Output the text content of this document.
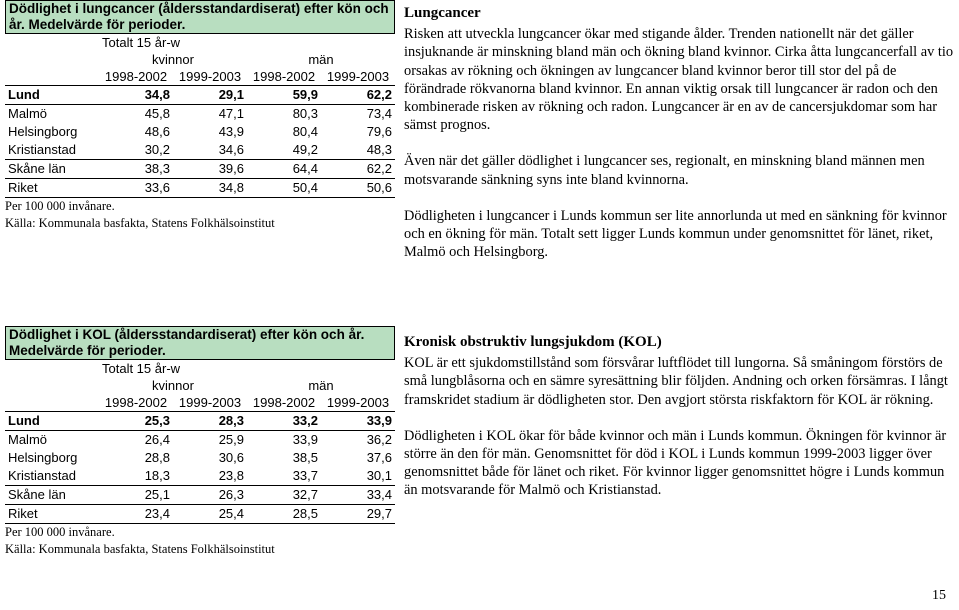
Dödlighet i lungcancer (åldersstandardiserat) efter kön och år. Medelvärde för perioder.
	Totalt 15 år-w			
	kvinnor		män	
	1998-2002	1999-2003	1998-2002	1999-2003
Lund	34,8	29,1	59,9	62,2
Malmö	45,8	47,1	80,3	73,4
Helsingborg	48,6	43,9	80,4	79,6
Kristianstad	30,2	34,6	49,2	48,3
Skåne län	38,3	39,6	64,4	62,2
Riket	33,6	34,8	50,4	50,6
Per 100 000 invånare.
Källa: Kommunala basfakta, Statens Folkhälsoinstitut
Dödlighet i KOL (åldersstandardiserat) efter kön och år. Medelvärde för perioder.
	Totalt 15 år-w			
	kvinnor		män	
	1998-2002	1999-2003	1998-2002	1999-2003
Lund	25,3	28,3	33,2	33,9
Malmö	26,4	25,9	33,9	36,2
Helsingborg	28,8	30,6	38,5	37,6
Kristianstad	18,3	23,8	33,7	30,1
Skåne län	25,1	26,3	32,7	33,4
Riket	23,4	25,4	28,5	29,7
Per 100 000 invånare.
Källa: Kommunala basfakta, Statens Folkhälsoinstitut
Lungcancer

Risken att utveckla lungcancer ökar med stigande ålder. Trenden nationellt när det gäller insjuknande är minskning bland män och ökning bland kvinnor. Cirka åtta lungcancerfall av tio orsakas av rökning och ökningen av lungcancer bland kvinnor beror till stor del på de förändrade rökvanorna bland kvinnor. En annan viktig orsak till lungcancer är radon och den kombinerade risken av rökning och radon. Lungcancer är en av de cancersjukdomar som har sämst prognos.

Även när det gäller dödlighet i lungcancer ses, regionalt, en minskning bland männen men motsvarande sänkning syns inte bland kvinnorna.

Dödligheten i lungcancer i Lunds kommun ser lite annorlunda ut med en sänkning för kvinnor och en ökning för män. Totalt sett ligger Lunds kommun under genomsnittet för länet, riket, Malmö och Helsingborg.

Kronisk obstruktiv lungsjukdom (KOL)

KOL är ett sjukdomstillstånd som försvårar luftflödet till lungorna. Så småningom förstörs de små lungblåsorna och en sämre syresättning blir följden. Andning och orken försämras. I långt framskridet stadium är dödligheten stor. Den avgjort största riskfaktorn för KOL är rökning.

Dödligheten i KOL ökar för både kvinnor och män i Lunds kommun. Ökningen för kvinnor är större än den för män. Genomsnittet för död i KOL i Lunds kommun 1999-2003 ligger över genomsnittet både för länet och riket. För kvinnor ligger genomsnittet högre i Lunds kommun än motsvarande för Malmö och Kristianstad.

15
